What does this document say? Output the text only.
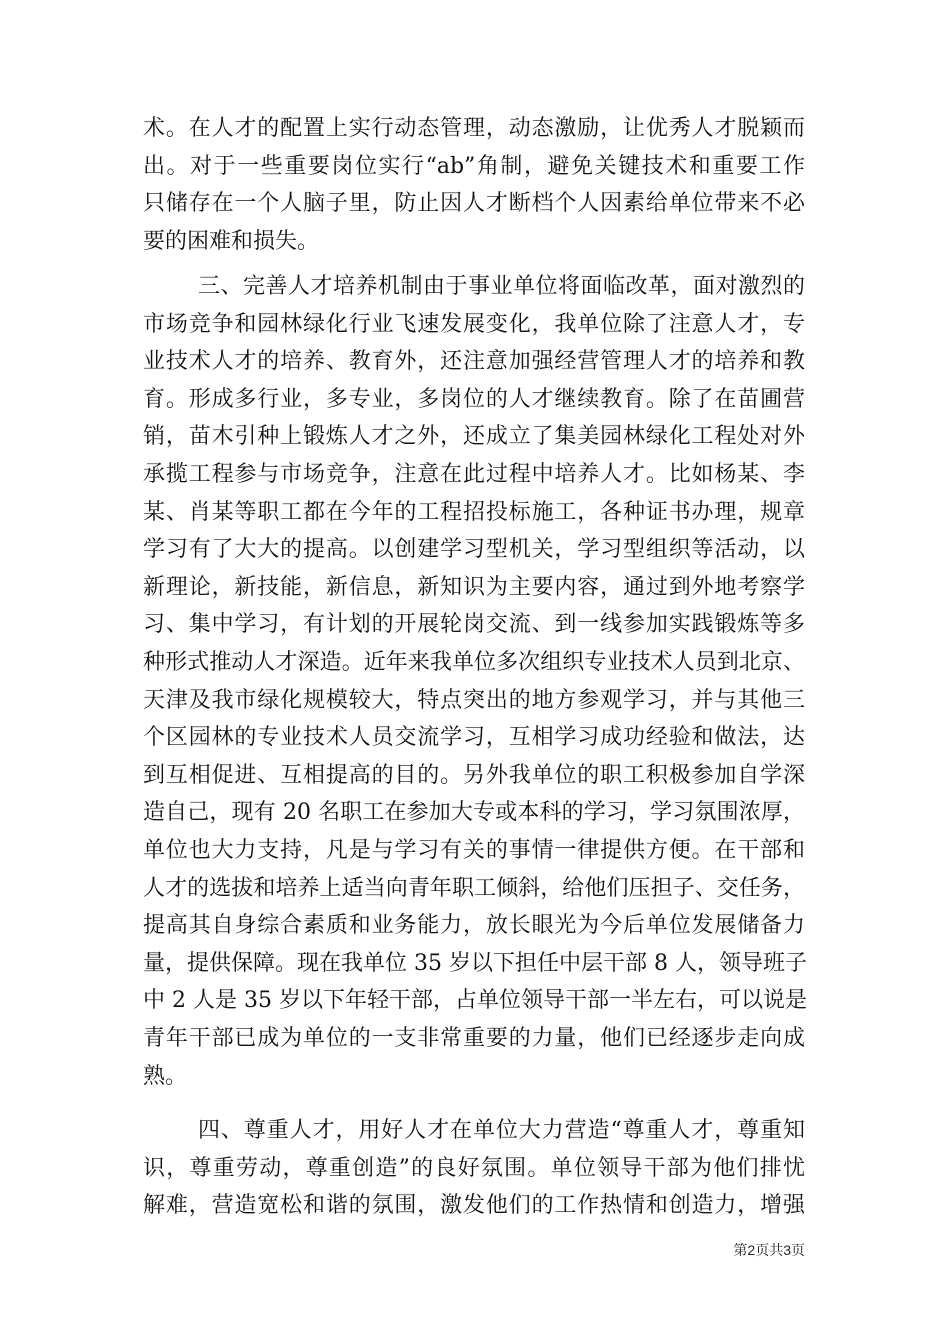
术。在人才的配置上实行动态管理，动态激励，让优秀人才脱颖而
出。对于一些重要岗位实行“ab”角制，避免关键技术和重要工作
只储存在一个人脑子里，防止因人才断档个人因素给单位带来不必
要的困难和损失。
三、完善人才培养机制由于事业单位将面临改革，面对激烈的
市场竞争和园林绿化行业飞速发展变化，我单位除了注意人才，专
业技术人才的培养、教育外，还注意加强经营管理人才的培养和教
育。形成多行业，多专业，多岗位的人才继续教育。除了在苗圃营
销，苗木引种上锻炼人才之外，还成立了集美园林绿化工程处对外
承揽工程参与市场竞争，注意在此过程中培养人才。比如杨某、李
某、肖某等职工都在今年的工程招投标施工，各种证书办理，规章
学习有了大大的提高。以创建学习型机关，学习型组织等活动，以
新理论，新技能，新信息，新知识为主要内容，通过到外地考察学
习、集中学习，有计划的开展轮岗交流、到一线参加实践锻炼等多
种形式推动人才深造。近年来我单位多次组织专业技术人员到北京、
天津及我市绿化规模较大，特点突出的地方参观学习，并与其他三
个区园林的专业技术人员交流学习，互相学习成功经验和做法，达
到互相促进、互相提高的目的。另外我单位的职工积极参加自学深
造自己，现有 20 名职工在参加大专或本科的学习，学习氛围浓厚，
单位也大力支持，凡是与学习有关的事情一律提供方便。在干部和
人才的选拔和培养上适当向青年职工倾斜，给他们压担子、交任务，
提高其自身综合素质和业务能力，放长眼光为今后单位发展储备力
量，提供保障。现在我单位 35 岁以下担任中层干部 8 人，领导班子
中 2 人是 35 岁以下年轻干部，占单位领导干部一半左右，可以说是
青年干部已成为单位的一支非常重要的力量，他们已经逐步走向成
熟。
四、尊重人才，用好人才在单位大力营造“尊重人才，尊重知
识，尊重劳动，尊重创造”的良好氛围。单位领导干部为他们排忧
解难，营造宽松和谐的氛围，激发他们的工作热情和创造力，增强
第2页共3页
